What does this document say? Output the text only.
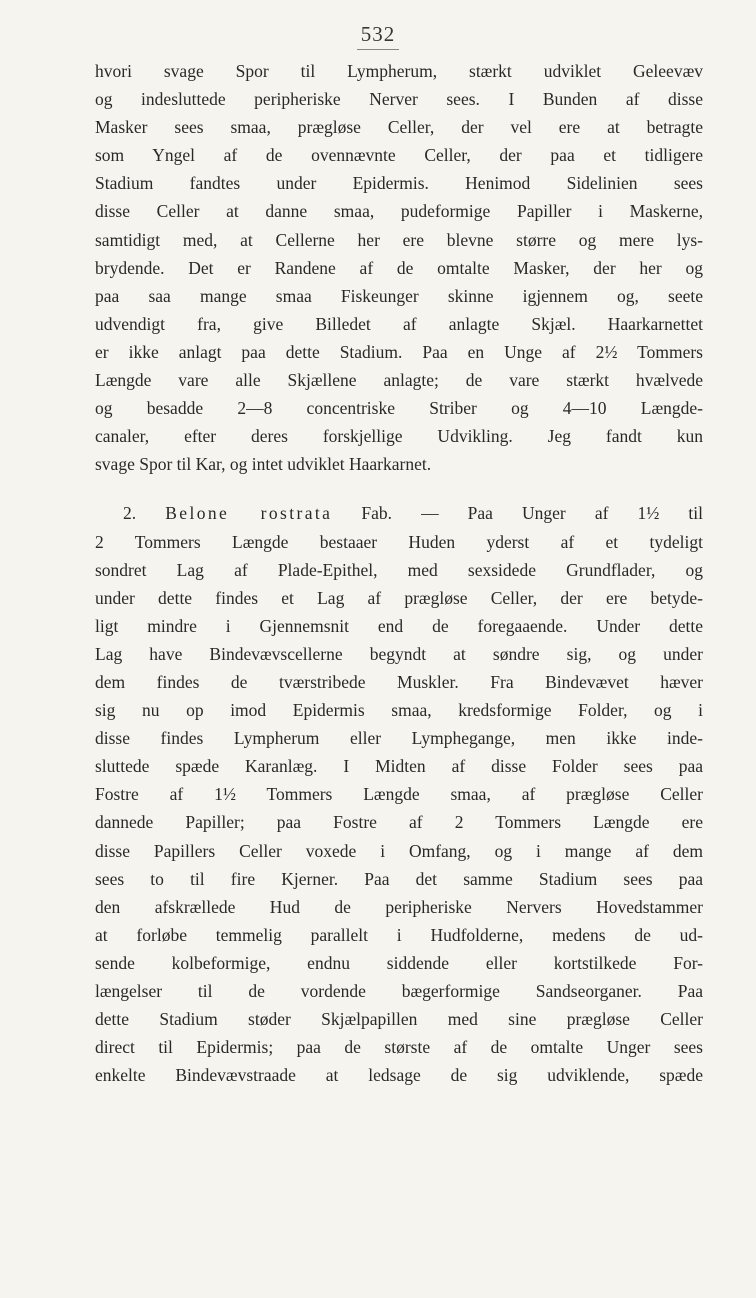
532
hvori svage Spor til Lympherum, stærkt udviklet Geleevæv
og indesluttede peripheriske Nerver sees. I Bunden af disse
Masker sees smaa, prægløse Celler, der vel ere at betragte
som Yngel af de ovennævnte Celler, der paa et tidligere
Stadium fandtes under Epidermis. Henimod Sidelinien sees
disse Celler at danne smaa, pudeformige Papiller i Maskerne,
samtidigt med, at Cellerne her ere blevne større og mere lys-
brydende. Det er Randene af de omtalte Masker, der her og
paa saa mange smaa Fiskeunger skinne igjennem og, seete
udvendigt fra, give Billedet af anlagte Skjæl. Haarkarnettet
er ikke anlagt paa dette Stadium. Paa en Unge af 2½ Tommers
Længde vare alle Skjællene anlagte; de vare stærkt hvælvede
og besadde 2—8 concentriske Striber og 4—10 Længde-
canaler, efter deres forskjellige Udvikling. Jeg fandt kun
svage Spor til Kar, og intet udviklet Haarkarnet.
2. Belone rostrata Fab. — Paa Unger af 1½ til
2 Tommers Længde bestaaer Huden yderst af et tydeligt
sondret Lag af Plade-Epithel, med sexsidede Grundflader, og
under dette findes et Lag af prægløse Celler, der ere betyde-
ligt mindre i Gjennemsnit end de foregaaende. Under dette
Lag have Bindevævscellerne begyndt at søndre sig, og under
dem findes de tværstribede Muskler. Fra Bindevævet hæver
sig nu op imod Epidermis smaa, kredsformige Folder, og i
disse findes Lympherum eller Lymphegange, men ikke inde-
sluttede spæde Karanlæg. I Midten af disse Folder sees paa
Fostre af 1½ Tommers Længde smaa, af prægløse Celler
dannede Papiller; paa Fostre af 2 Tommers Længde ere
disse Papillers Celler voxede i Omfang, og i mange af dem
sees to til fire Kjerner. Paa det samme Stadium sees paa
den afskrællede Hud de peripheriske Nervers Hovedstammer
at forløbe temmelig parallelt i Hudfolderne, medens de ud-
sende kolbeformige, endnu siddende eller kortstilkede For-
længelser til de vordende bægerformige Sandseorganer. Paa
dette Stadium støder Skjælpapillen med sine prægløse Celler
direct til Epidermis; paa de største af de omtalte Unger sees
enkelte Bindevævstraade at ledsage de sig udviklende, spæde
